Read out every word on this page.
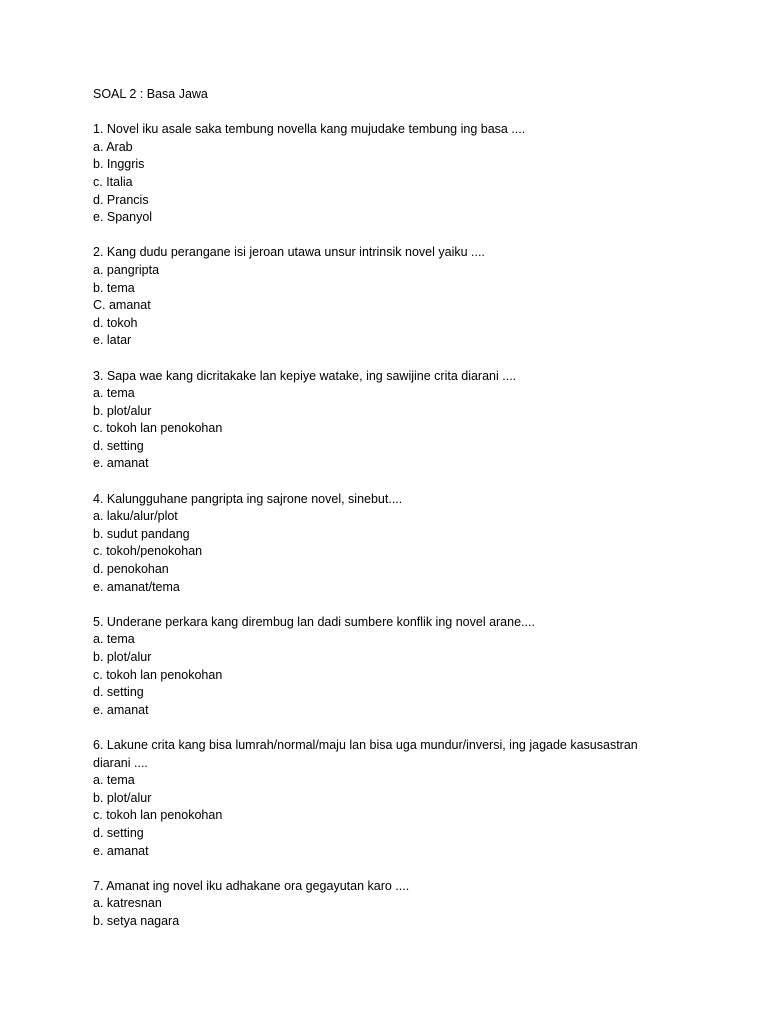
SOAL 2 : Basa Jawa
1. Novel iku asale saka tembung novella kang mujudake tembung ing basa ....
a. Arab
b. Inggris
c. Italia
d. Prancis
e. Spanyol
2. Kang dudu perangane isi jeroan utawa unsur intrinsik novel yaiku ....
a. pangripta
b. tema
C. amanat
d. tokoh
e. latar
3. Sapa wae kang dicritakake lan kepiye watake, ing sawijine crita diarani ....
a. tema
b. plot/alur
c. tokoh lan penokohan
d. setting
e. amanat
4. Kalungguhane pangripta ing sajrone novel, sinebut....
a. laku/alur/plot
b. sudut pandang
c. tokoh/penokohan
d. penokohan
e. amanat/tema
5. Underane perkara kang dirembug lan dadi sumbere konflik ing novel arane....
a. tema
b. plot/alur
c. tokoh lan penokohan
d. setting
e. amanat
6. Lakune crita kang bisa lumrah/normal/maju lan bisa uga mundur/inversi, ing jagade kasusastran diarani ....
a. tema
b. plot/alur
c. tokoh lan penokohan
d. setting
e. amanat
7. Amanat ing novel iku adhakane ora gegayutan karo ....
a. katresnan
b. setya nagara
